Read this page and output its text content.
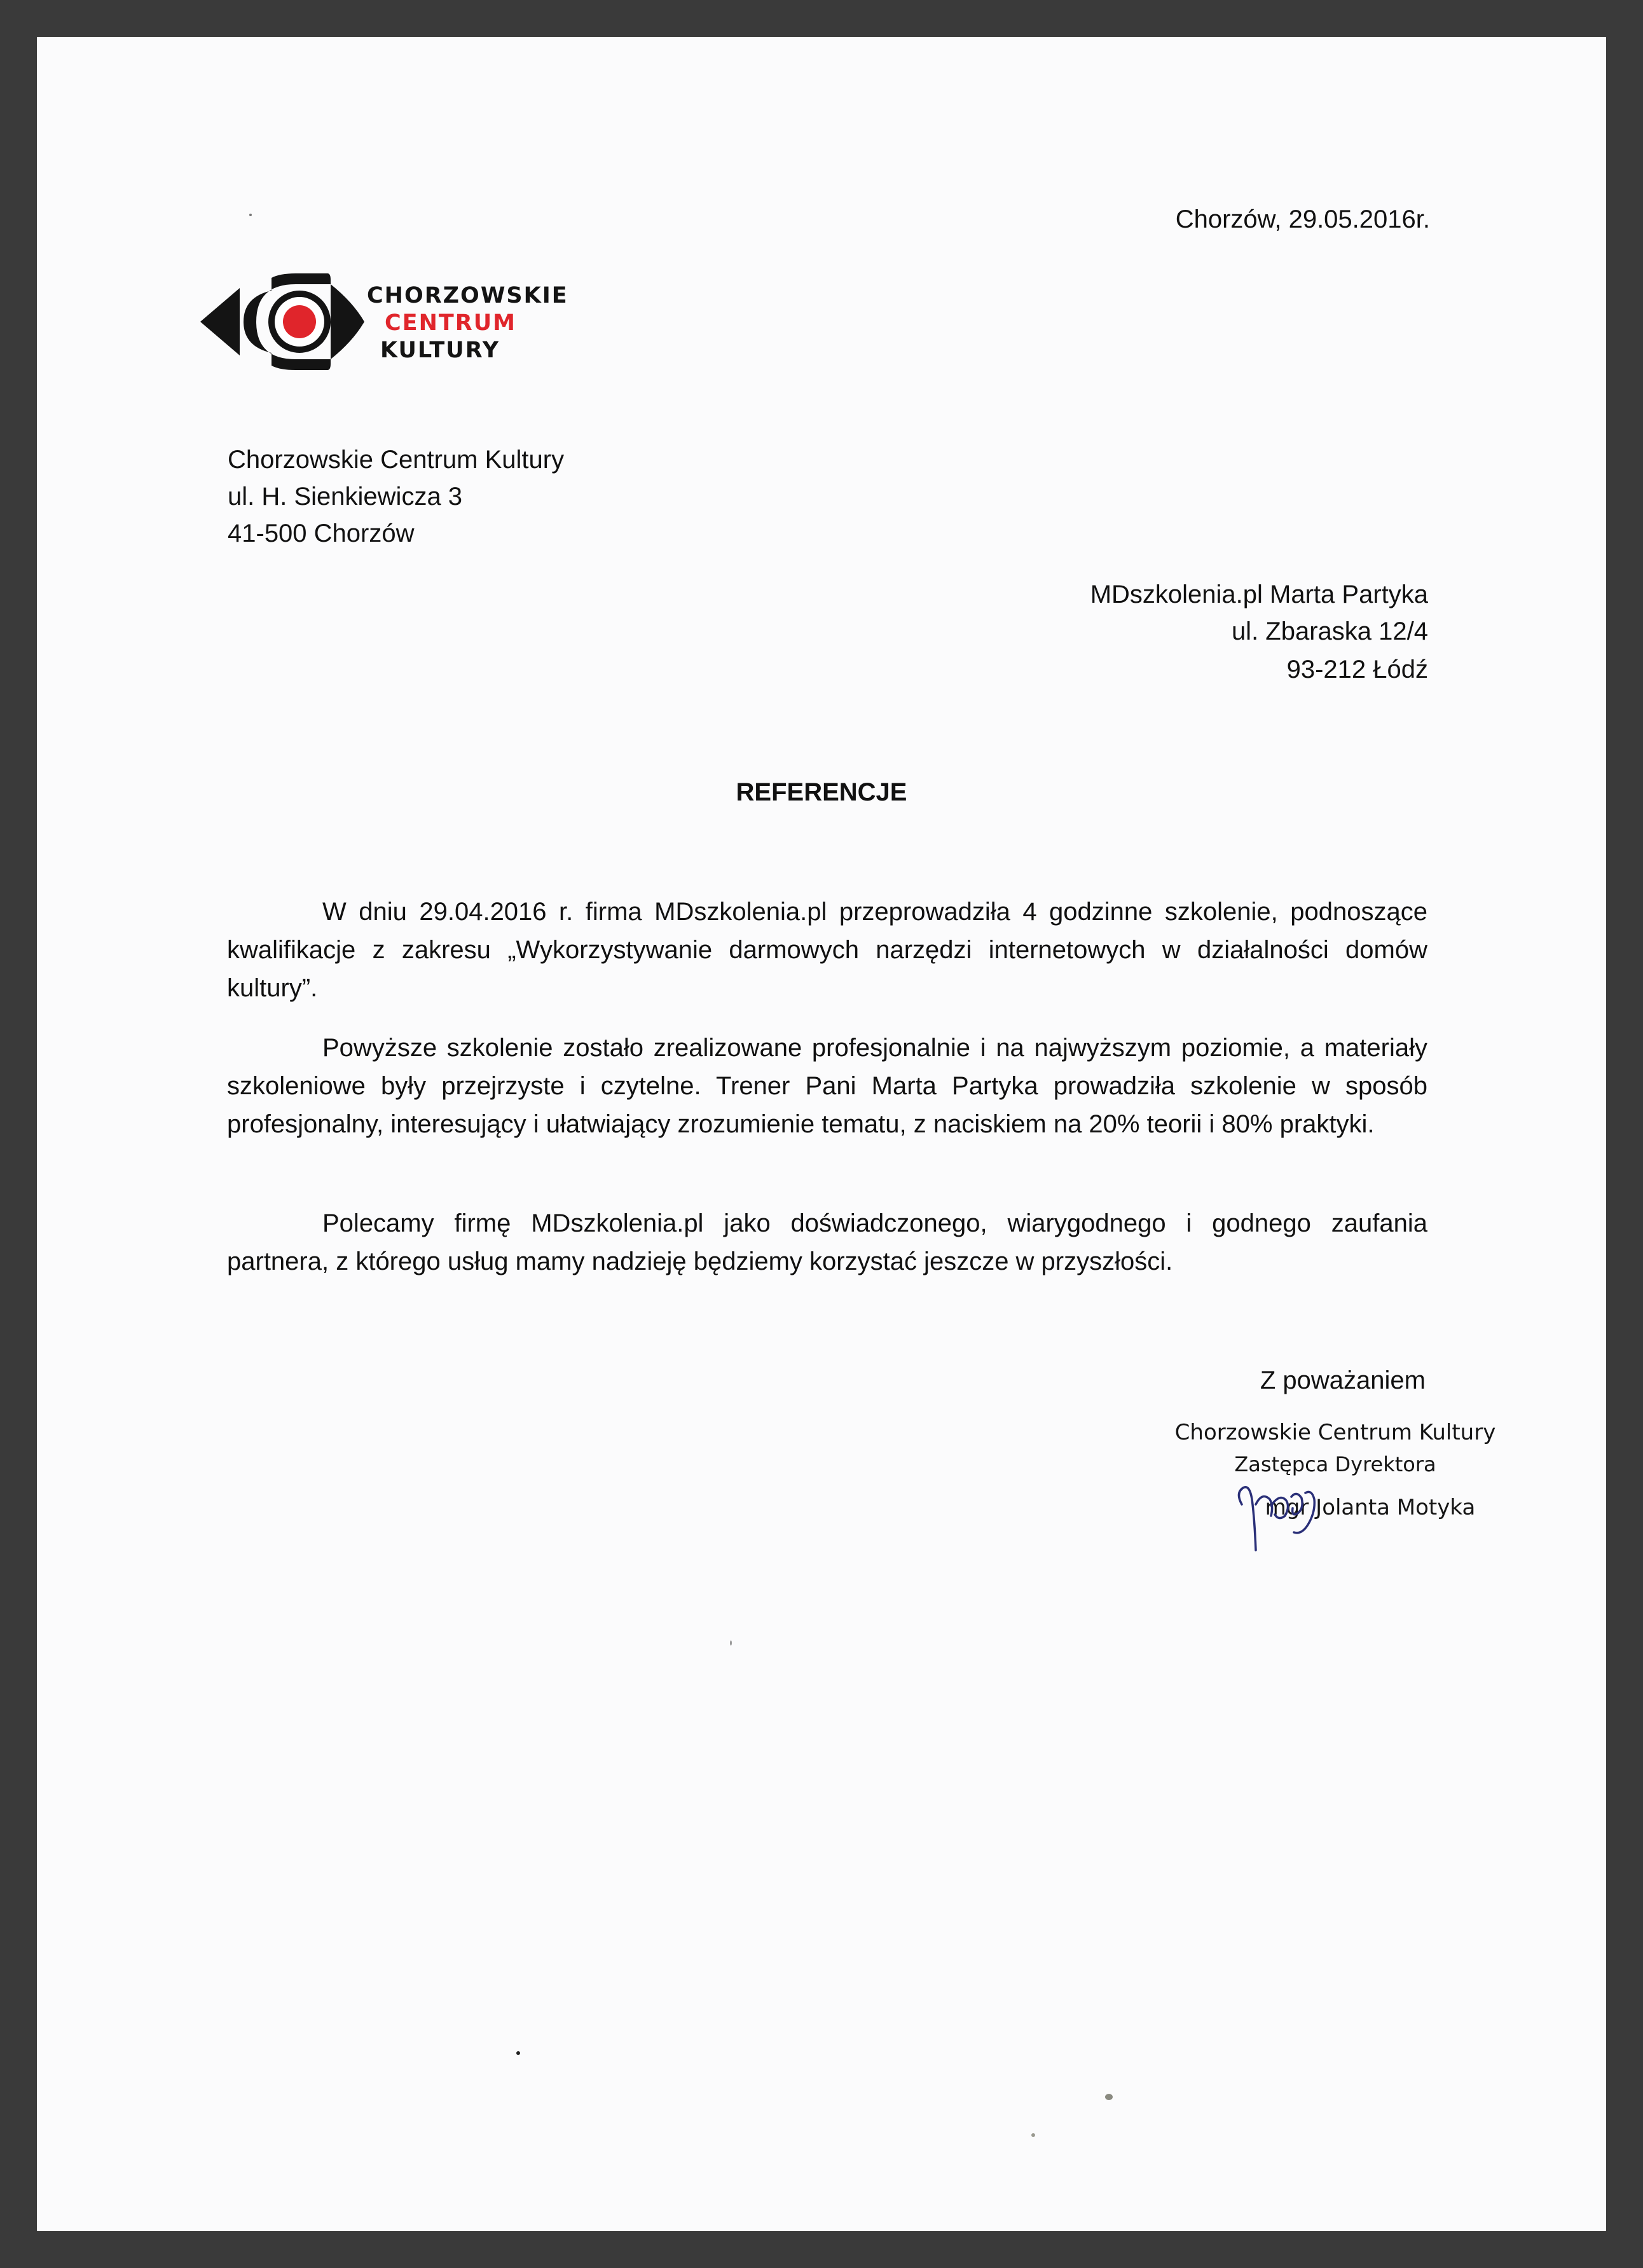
Chorzów, 29.05.2016r.
CHORZOWSKIE
CENTRUM
KULTURY
Chorzowskie Centrum Kultury
ul. H. Sienkiewicza 3
41-500 Chorzów
MDszkolenia.pl Marta Partyka
ul. Zbaraska 12/4
93-212 Łódź
REFERENCJE
W dniu 29.04.2016 r. firma MDszkolenia.pl przeprowadziła 4 godzinne szkolenie, podnoszące kwalifikacje z zakresu „Wykorzystywanie darmowych narzędzi internetowych w działalności domów kultury”.
Powyższe szkolenie zostało zrealizowane profesjonalnie i na najwyższym poziomie, a materiały szkoleniowe były przejrzyste i czytelne. Trener Pani Marta Partyka prowadziła szkolenie w sposób profesjonalny, interesujący i ułatwiający zrozumienie tematu, z naciskiem na 20% teorii i 80% praktyki.
Polecamy firmę MDszkolenia.pl jako doświadczonego, wiarygodnego i godnego zaufania partnera, z którego usług mamy nadzieję będziemy korzystać jeszcze w przyszłości.
Z poważaniem
Chorzowskie Centrum Kultury
Zastępca Dyrektora
mgr Jolanta Motyka
